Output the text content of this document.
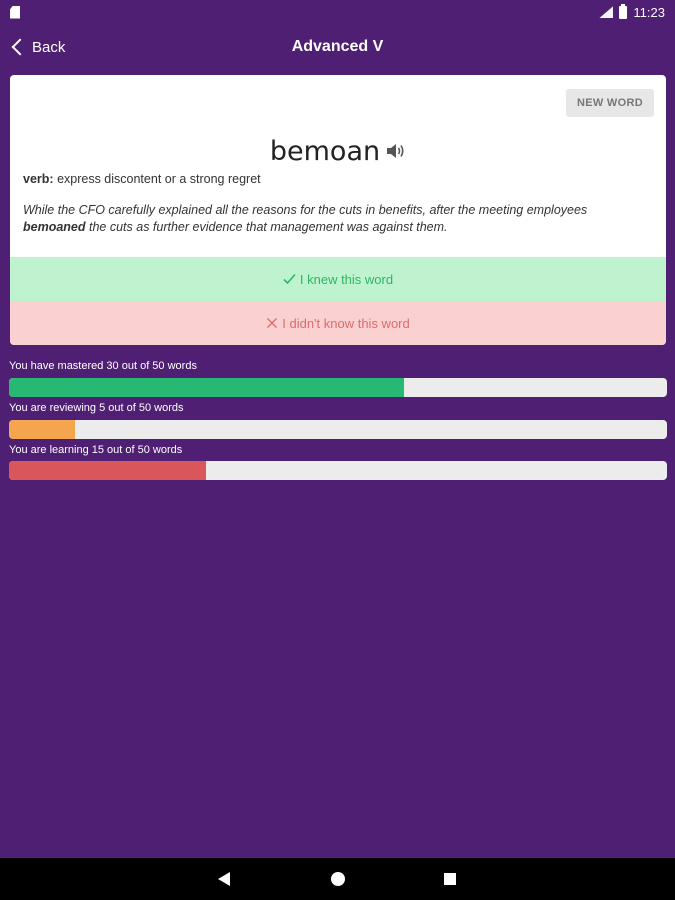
11:23
Back	Advanced V
NEW WORD
bemoan
verb: express discontent or a strong regret
While the CFO carefully explained all the reasons for the cuts in benefits, after the meeting employees bemoaned the cuts as further evidence that management was against them.
I knew this word
I didn't know this word
You have mastered 30 out of 50 words
You are reviewing 5 out of 50 words
You are learning 15 out of 50 words
